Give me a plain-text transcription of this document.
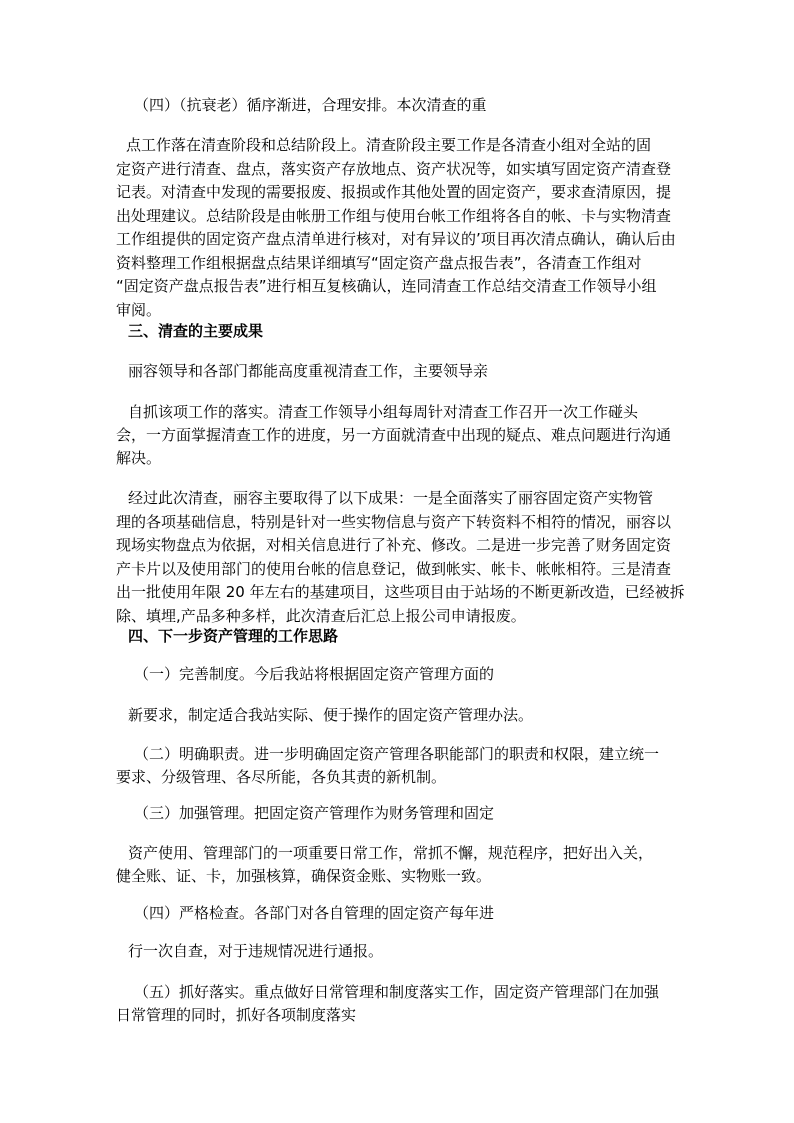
（四）（抗衰老）循序渐进，合理安排。本次清查的重
点工作落在清查阶段和总结阶段上。清查阶段主要工作是各清查小组对全站的固
定资产进行清查、盘点，落实资产存放地点、资产状况等，如实填写固定资产清查登
记表。对清查中发现的需要报废、报损或作其他处置的固定资产，要求查清原因，提
出处理建议。总结阶段是由帐册工作组与使用台帐工作组将各自的帐、卡与实物清查
工作组提供的固定资产盘点清单进行核对，对有异议的’项目再次清点确认，确认后由
资料整理工作组根据盘点结果详细填写“固定资产盘点报告表”，各清查工作组对
“固定资产盘点报告表”进行相互复核确认，连同清查工作总结交清查工作领导小组
审阅。
三、清查的主要成果
丽容领导和各部门都能高度重视清查工作，主要领导亲
自抓该项工作的落实。清查工作领导小组每周针对清查工作召开一次工作碰头
会，一方面掌握清查工作的进度，另一方面就清查中出现的疑点、难点问题进行沟通
解决。
经过此次清查，丽容主要取得了以下成果：一是全面落实了丽容固定资产实物管
理的各项基础信息，特别是针对一些实物信息与资产下转资料不相符的情况，丽容以
现场实物盘点为依据，对相关信息进行了补充、修改。二是进一步完善了财务固定资
产卡片以及使用部门的使用台帐的信息登记，做到帐实、帐卡、帐帐相符。三是清查
出一批使用年限 20 年左右的基建项目，这些项目由于站场的不断更新改造，已经被拆
除、填埋,产品多种多样，此次清查后汇总上报公司申请报废。
四、下一步资产管理的工作思路
（一）完善制度。今后我站将根据固定资产管理方面的
新要求，制定适合我站实际、便于操作的固定资产管理办法。
（二）明确职责。进一步明确固定资产管理各职能部门的职责和权限，建立统一
要求、分级管理、各尽所能，各负其责的新机制。
（三）加强管理。把固定资产管理作为财务管理和固定
资产使用、管理部门的一项重要日常工作，常抓不懈，规范程序，把好出入关，
健全账、证、卡，加强核算，确保资金账、实物账一致。
（四）严格检查。各部门对各自管理的固定资产每年进
行一次自查，对于违规情况进行通报。
（五）抓好落实。重点做好日常管理和制度落实工作，固定资产管理部门在加强
日常管理的同时，抓好各项制度落实
